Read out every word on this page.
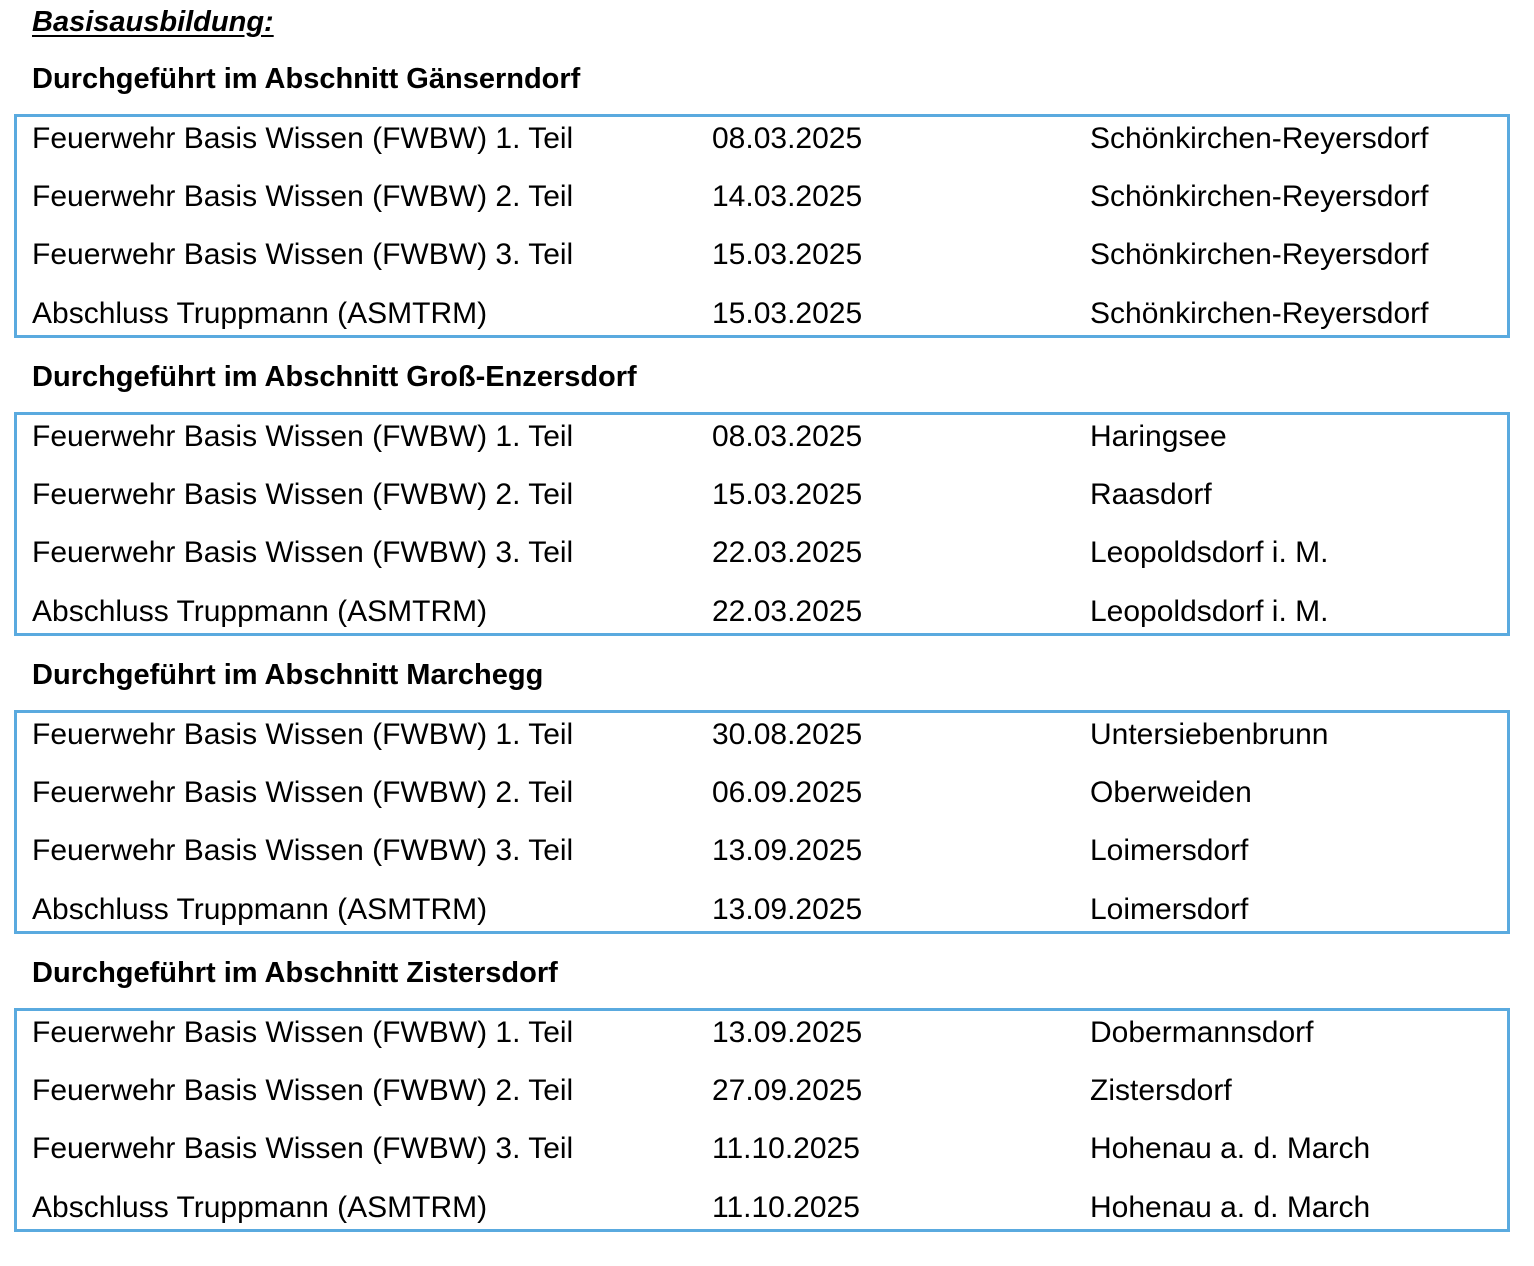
Basisausbildung:
Durchgeführt im Abschnitt Gänserndorf
Feuerwehr Basis Wissen (FWBW) 1. Teil	08.03.2025	Schönkirchen-Reyersdorf
Feuerwehr Basis Wissen (FWBW) 2. Teil	14.03.2025	Schönkirchen-Reyersdorf
Feuerwehr Basis Wissen (FWBW) 3. Teil	15.03.2025	Schönkirchen-Reyersdorf
Abschluss Truppmann (ASMTRM)	15.03.2025	Schönkirchen-Reyersdorf
Durchgeführt im Abschnitt Groß-Enzersdorf
Feuerwehr Basis Wissen (FWBW) 1. Teil	08.03.2025	Haringsee
Feuerwehr Basis Wissen (FWBW) 2. Teil	15.03.2025	Raasdorf
Feuerwehr Basis Wissen (FWBW) 3. Teil	22.03.2025	Leopoldsdorf i. M.
Abschluss Truppmann (ASMTRM)	22.03.2025	Leopoldsdorf i. M.
Durchgeführt im Abschnitt Marchegg
Feuerwehr Basis Wissen (FWBW) 1. Teil	30.08.2025	Untersiebenbrunn
Feuerwehr Basis Wissen (FWBW) 2. Teil	06.09.2025	Oberweiden
Feuerwehr Basis Wissen (FWBW) 3. Teil	13.09.2025	Loimersdorf
Abschluss Truppmann (ASMTRM)	13.09.2025	Loimersdorf
Durchgeführt im Abschnitt Zistersdorf
Feuerwehr Basis Wissen (FWBW) 1. Teil	13.09.2025	Dobermannsdorf
Feuerwehr Basis Wissen (FWBW) 2. Teil	27.09.2025	Zistersdorf
Feuerwehr Basis Wissen (FWBW) 3. Teil	11.10.2025	Hohenau a. d. March
Abschluss Truppmann (ASMTRM)	11.10.2025	Hohenau a. d. March
